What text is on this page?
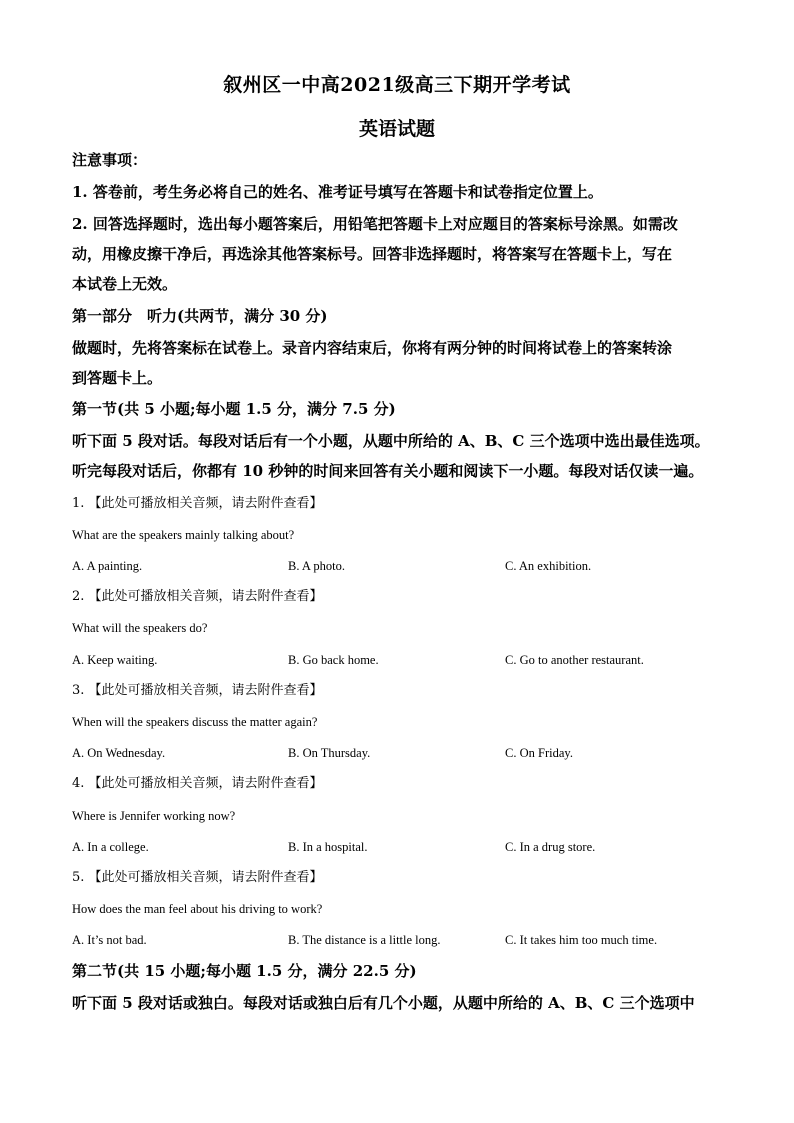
叙州区一中高2021级高三下期开学考试
英语试题
注意事项：
1. 答卷前，考生务必将自己的姓名、准考证号填写在答题卡和试卷指定位置上。
2. 回答选择题时，选出每小题答案后，用铅笔把答题卡上对应题目的答案标号涂黑。如需改
动，用橡皮擦干净后，再选涂其他答案标号。回答非选择题时，将答案写在答题卡上，写在
本试卷上无效。
第一部分　听力(共两节，满分 30 分)
做题时，先将答案标在试卷上。录音内容结束后，你将有两分钟的时间将试卷上的答案转涂
到答题卡上。
第一节(共 5 小题;每小题 1.5 分，满分 7.5 分)
听下面 5 段对话。每段对话后有一个小题，从题中所给的 A、B、C 三个选项中选出最佳选项。
听完每段对话后，你都有 10 秒钟的时间来回答有关小题和阅读下一小题。每段对话仅读一遍。
1. 【此处可播放相关音频，请去附件查看】
What are the speakers mainly talking about?
A. A painting.	B. A photo.	C. An exhibition.
2. 【此处可播放相关音频，请去附件查看】
What will the speakers do?
A. Keep waiting.	B. Go back home.	C. Go to another restaurant.
3. 【此处可播放相关音频，请去附件查看】
When will the speakers discuss the matter again?
A. On Wednesday.	B. On Thursday.	C. On Friday.
4. 【此处可播放相关音频，请去附件查看】
Where is Jennifer working now?
A. In a college.	B. In a hospital.	C. In a drug store.
5. 【此处可播放相关音频，请去附件查看】
How does the man feel about his driving to work?
A. It’s not bad.	B. The distance is a little long.	C. It takes him too much time.
第二节(共 15 小题;每小题 1.5 分，满分 22.5 分)
听下面 5 段对话或独白。每段对话或独白后有几个小题，从题中所给的 A、B、C 三个选项中
